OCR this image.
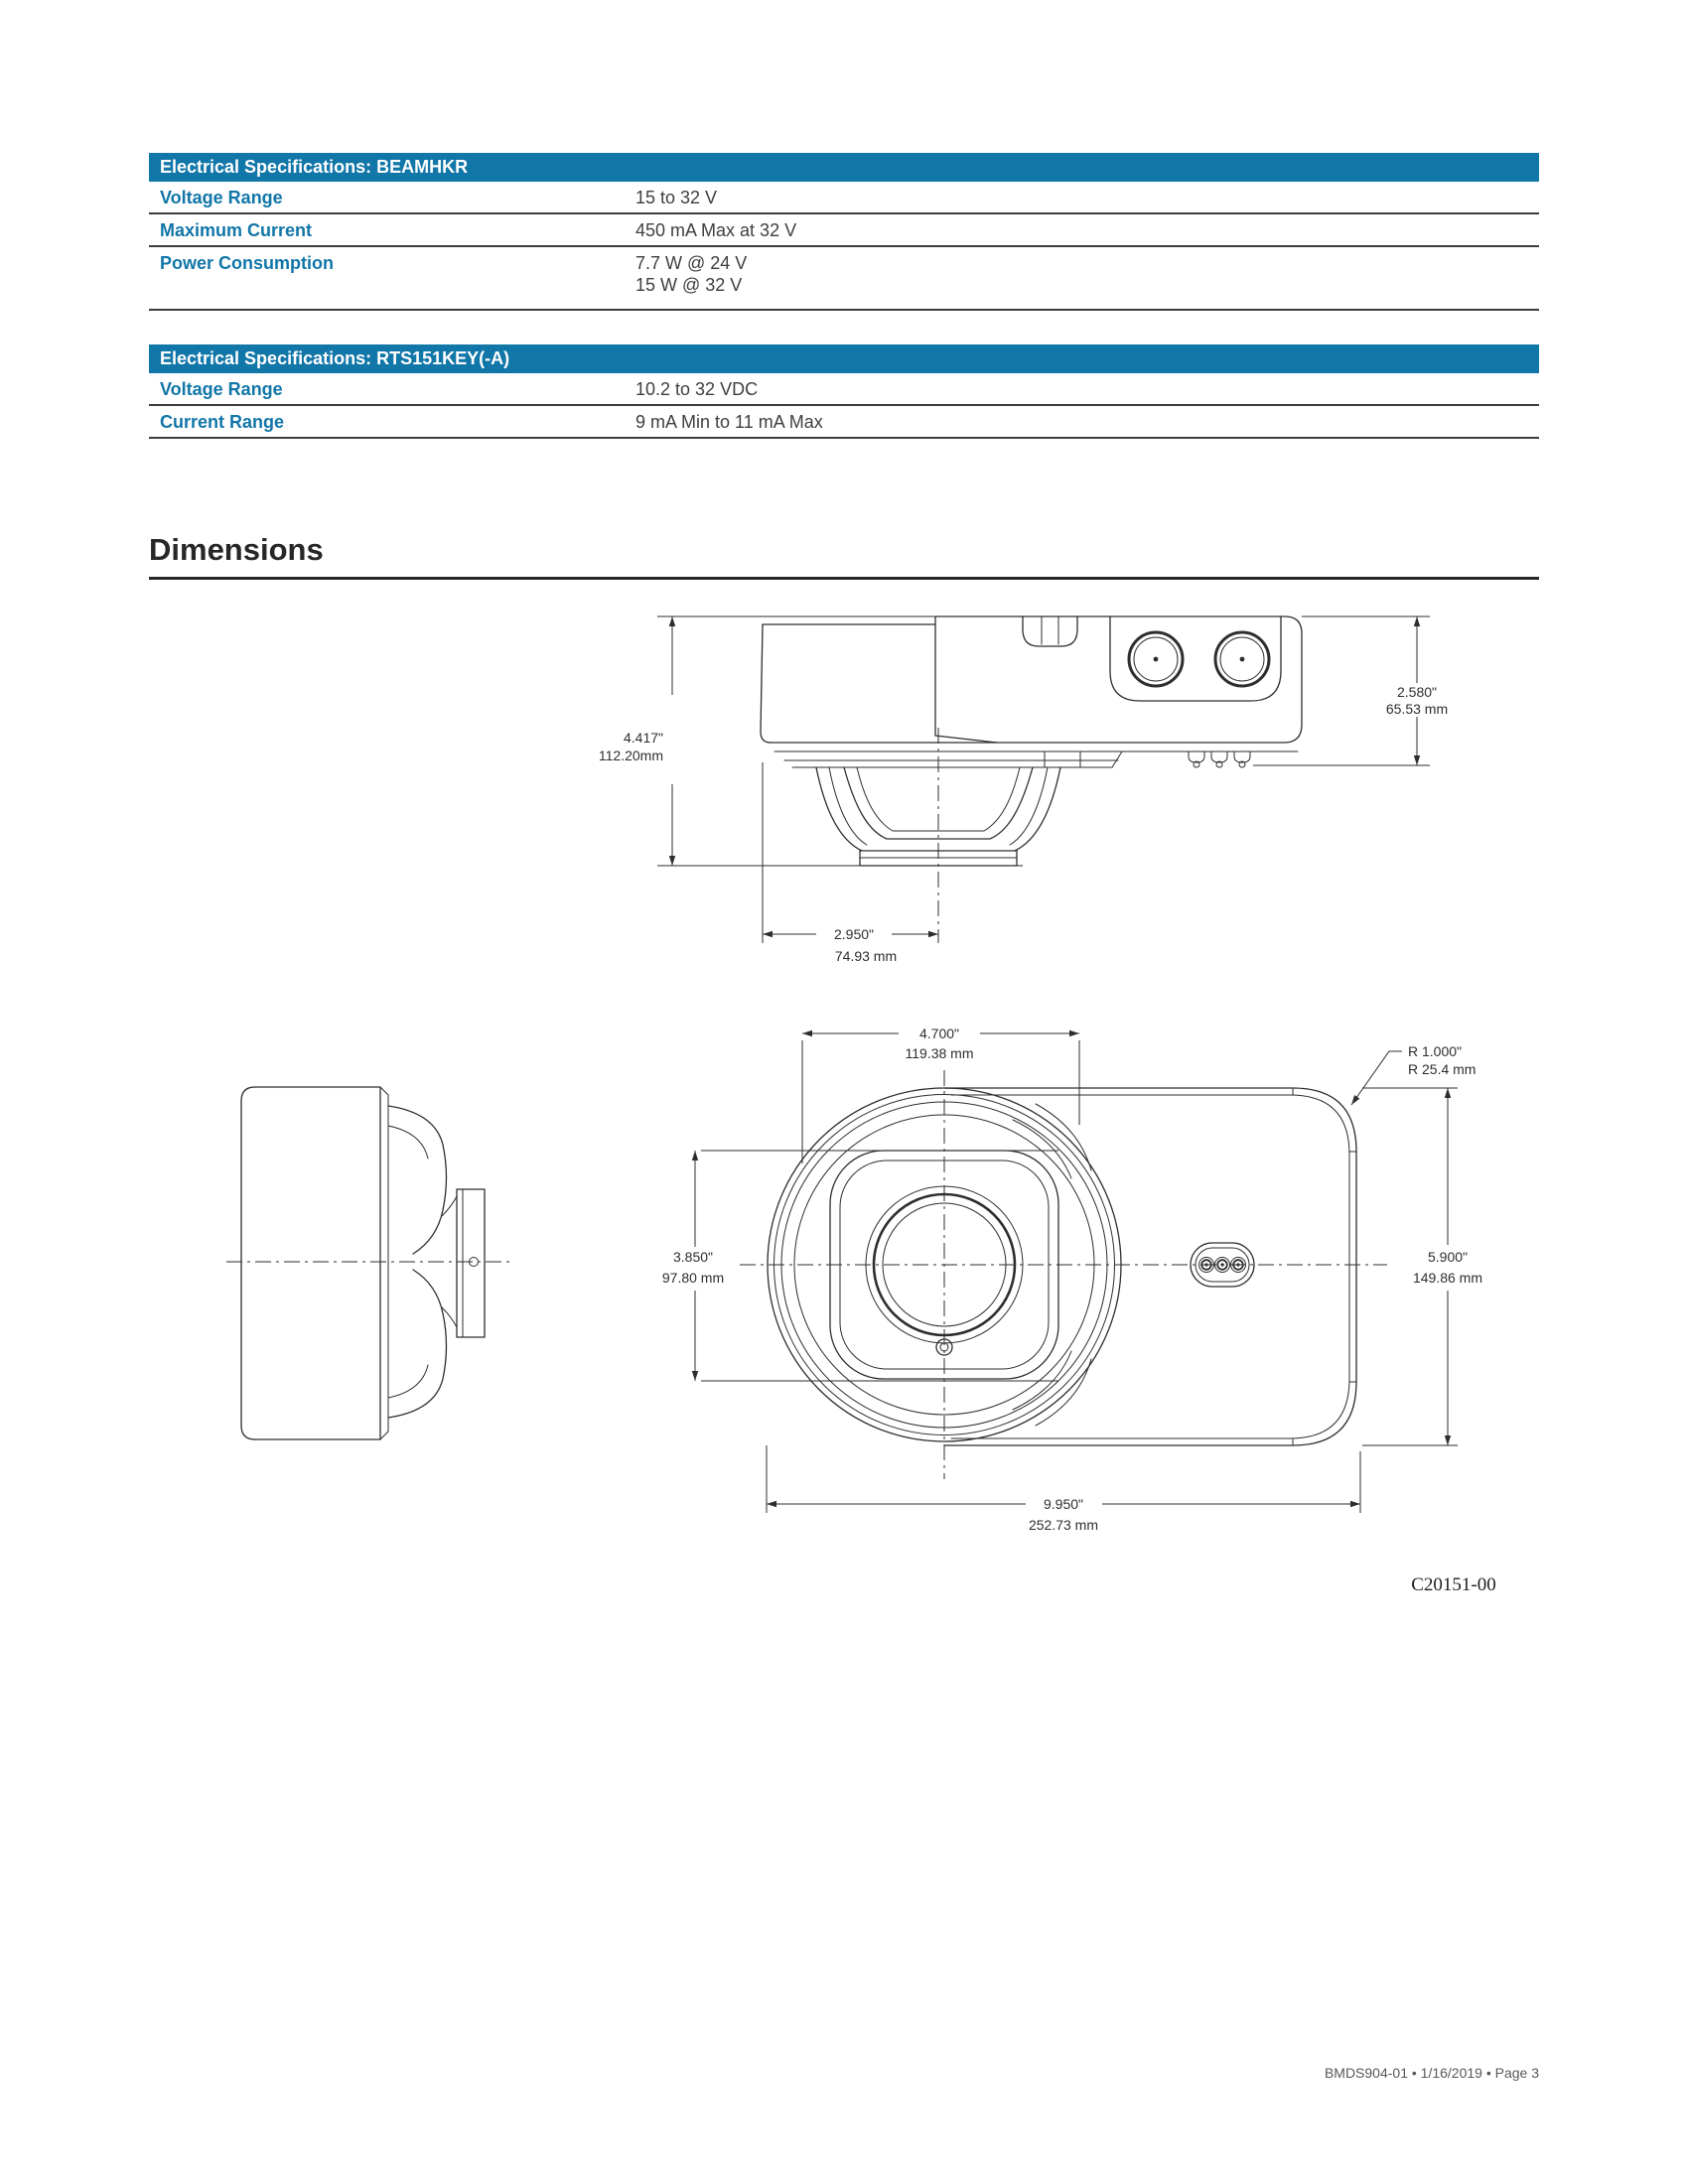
Electrical Specifications: BEAMHKR
Voltage Range	15 to 32 V
Maximum Current	450 mA Max at 32 V
Power Consumption	7.7 W @ 24 V
15 W @ 32 V
Electrical Specifications: RTS151KEY(-A)
Voltage Range	10.2 to 32 VDC
Current Range	9 mA Min to 11 mA Max
Dimensions
4.417"
112.20mm
2.580"
65.53 mm
2.950"
74.93 mm
4.700"
119.38 mm
3.850"
97.80 mm
R 1.000"
R 25.4 mm
5.900"
149.86 mm
9.950"
252.73 mm
C20151-00
BMDS904-01 • 1/16/2019 • Page 3
